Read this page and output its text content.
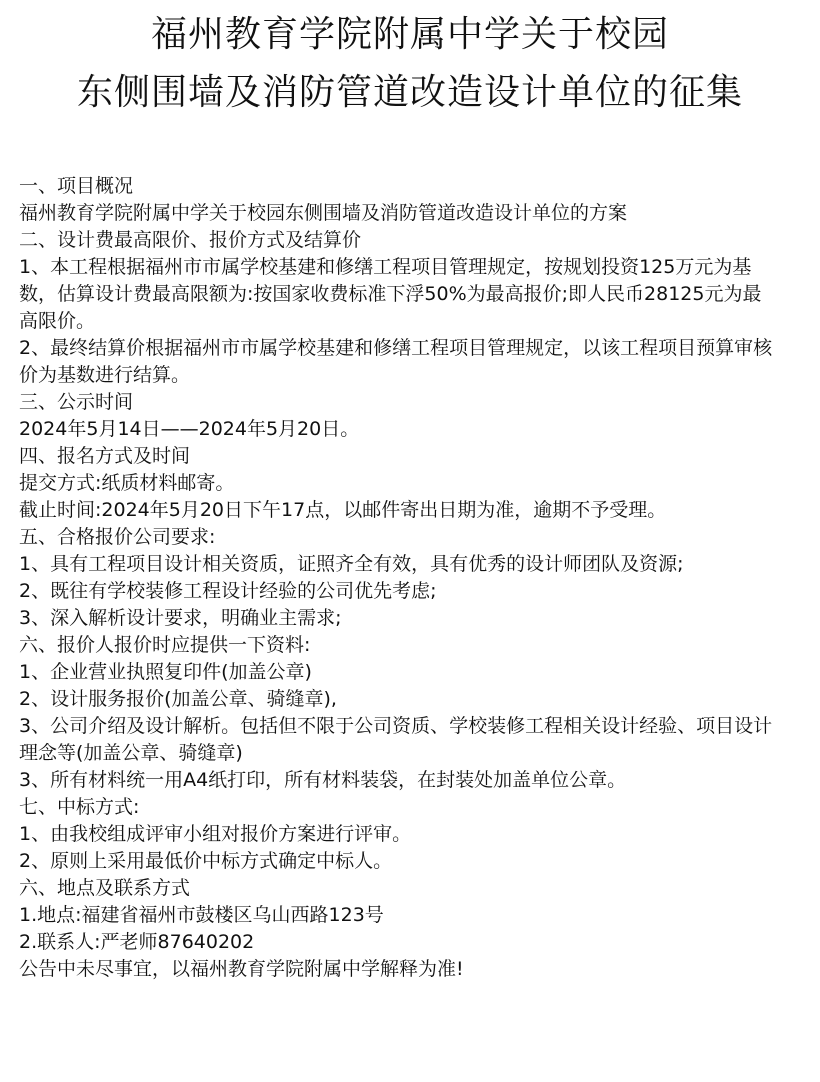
福州教育学院附属中学关于校园
东侧围墙及消防管道改造设计单位的征集

一、项目概况

福州教育学院附属中学关于校园东侧围墙及消防管道改造设计单位的方案

二、设计费最高限价、报价方式及结算价

1、本工程根据福州市市属学校基建和修缮工程项目管理规定，按规划投资125万元为基数，估算设计费最高限额为:按国家收费标准下浮50%为最高报价;即人民币28125元为最高限价。

2、最终结算价根据福州市市属学校基建和修缮工程项目管理规定，以该工程项目预算审核价为基数进行结算。

三、公示时间

2024年5月14日——2024年5月20日。

四、报名方式及时间

提交方式:纸质材料邮寄。

截止时间:2024年5月20日下午17点，以邮件寄出日期为准，逾期不予受理。

五、合格报价公司要求:

1、具有工程项目设计相关资质，证照齐全有效，具有优秀的设计师团队及资源;

2、既往有学校装修工程设计经验的公司优先考虑;

3、深入解析设计要求，明确业主需求;

六、报价人报价时应提供一下资料:

1、企业营业执照复印件(加盖公章)

2、设计服务报价(加盖公章、骑缝章),

3、公司介绍及设计解析。包括但不限于公司资质、学校装修工程相关设计经验、项目设计理念等(加盖公章、骑缝章)

3、所有材料统一用A4纸打印，所有材料装袋，在封装处加盖单位公章。

七、中标方式:

1、由我校组成评审小组对报价方案进行评审。

2、原则上采用最低价中标方式确定中标人。

六、地点及联系方式

1.地点:福建省福州市鼓楼区乌山西路123号

2.联系人:严老师87640202

公告中未尽事宜，以福州教育学院附属中学解释为准!
